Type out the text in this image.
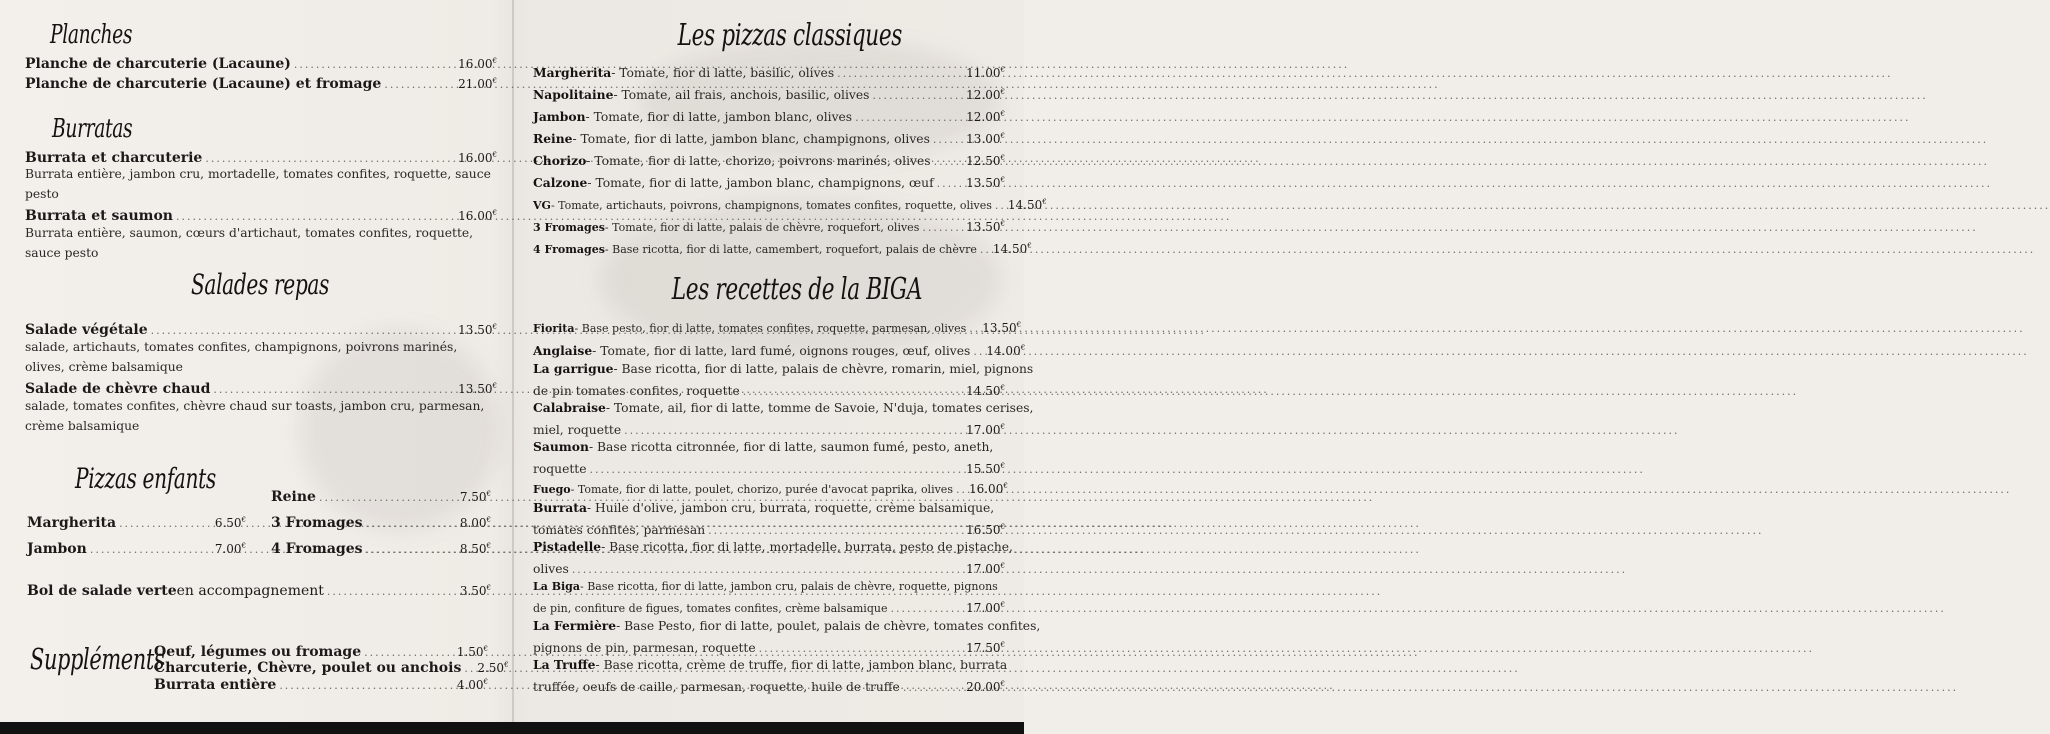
Planches
Planche de charcuterie (Lacaune) .....	16.00€
Planche de charcuterie (Lacaune) et fromage .....	21.00€
Burratas
Burrata et charcuterie .....	16.00€
Burrata entière, jambon cru, mortadelle, tomates confites, roquette, sauce pesto
Burrata et saumon .....	16.00€
Burrata entière, saumon, cœurs d'artichaut, tomates confites, roquette, sauce pesto
Salades repas
Salade végétale .....	13.50€
salade, artichauts, tomates confites, champignons, poivrons marinés, olives, crème balsamique
Salade de chèvre chaud .....	13.50€
salade, tomates confites, chèvre chaud sur toasts, jambon cru, parmesan, crème balsamique
Pizzas enfants
Margherita .....	6.50€
Jambon .....	7.00€
Reine .....	7.50€
3 Fromages .....	8.00€
4 Fromages .....	8.50€
Bol de salade verte en accompagnement .....	3.50€
Suppléments
Oeuf, légumes ou fromage .....	1.50€
Charcuterie, Chèvre, poulet ou anchois ..... 2.50€
Burrata entière .....	4.00€
Les pizzas classiques
Margherita - Tomate, fior di latte, basilic, olives .....	11.00€
Napolitaine - Tomate, ail frais, anchois, basilic, olives .....	12.00€
Jambon - Tomate, fior di latte, jambon blanc, olives .....	12.00€
Reine - Tomate, fior di latte, jambon blanc, champignons, olives .....	13.00€
Chorizo - Tomate, fior di latte, chorizo, poivrons marinés, olives .....	12.50€
Calzone - Tomate, fior di latte, jambon blanc, champignons, œuf .....	13.50€
VG - Tomate, artichauts, poivrons, champignons, tomates confites, roquette, olives ..... 14.50€
3 Fromages - Tomate, fior di latte, palais de chèvre, roquefort, olives .....	13.50€
4 Fromages - Base ricotta, fior di latte, camembert, roquefort, palais de chèvre ..... 14.50€
Les recettes de la BIGA
Fiorita - Base pesto, fior di latte, tomates confites, roquette, parmesan, olives ..... 13.50€
Anglaise - Tomate, fior di latte, lard fumé, oignons rouges, œuf, olives ..... 14.00€
La garrigue - Base ricotta, fior di latte, palais de chèvre, romarin, miel, pignons
de pin tomates confites, roquette .....	14.50€
Calabraise - Tomate, ail, fior di latte, tomme de Savoie, N'duja, tomates cerises,
miel, roquette .....	17.00€
Saumon - Base ricotta citronnée, fior di latte, saumon fumé, pesto, aneth,
roquette .....	15.50€
Fuego - Tomate, fior di latte, poulet, chorizo, purée d'avocat paprika, olives ..... 16.00€
Burrata - Huile d'olive, jambon cru, burrata, roquette, crème balsamique,
tomates confites, parmesan .....	16.50€
Pistadelle - Base ricotta, fior di latte, mortadelle, burrata, pesto de pistache,
olives .....	17.00€
La Biga - Base ricotta, fior di latte, jambon cru, palais de chèvre, roquette, pignons
de pin, confiture de figues, tomates confites, crème balsamique .....	17.00€
La Fermière - Base Pesto, fior di latte, poulet, palais de chèvre, tomates confites,
pignons de pin, parmesan, roquette .....	17.50€
La Truffe - Base ricotta, crème de truffe, fior di latte, jambon blanc, burrata
truffée, oeufs de caille, parmesan, roquette, huile de truffe .....	20.00€
